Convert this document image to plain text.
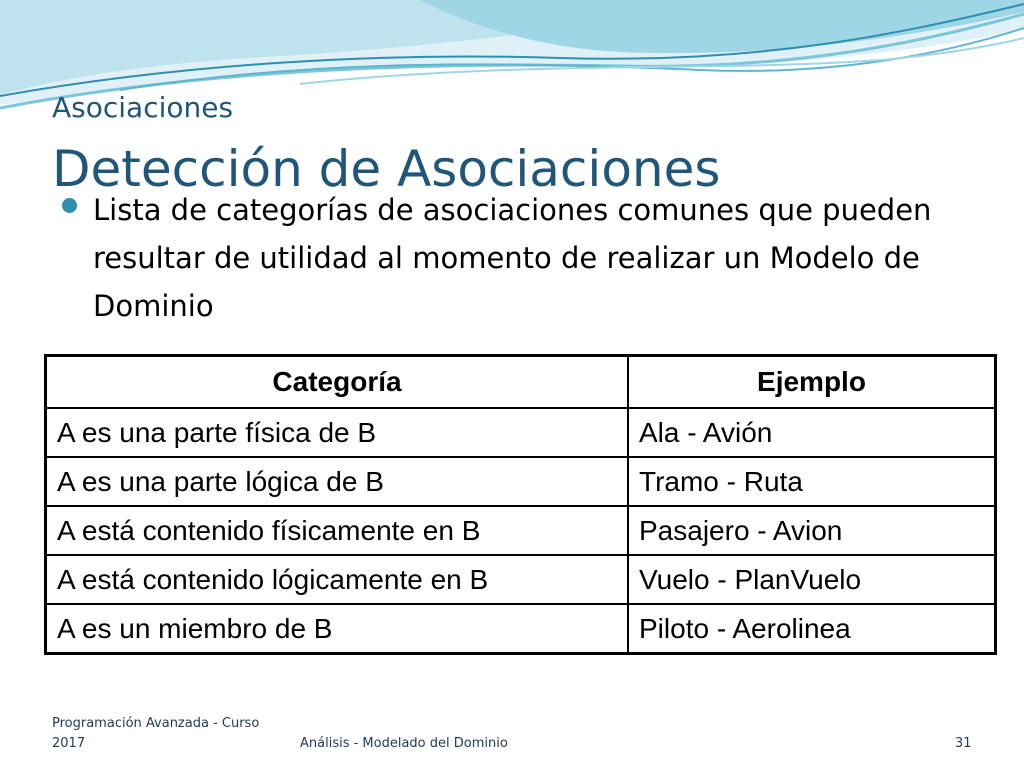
Asociaciones
Detección de Asociaciones
Lista de categorías de asociaciones comunes que pueden resultar de utilidad al momento de realizar un Modelo de Dominio
Categoría	Ejemplo
A es una parte física de B	Ala - Avión
A es una parte lógica de B	Tramo - Ruta
A está contenido físicamente en B	Pasajero - Avion
A está contenido lógicamente en B	Vuelo - PlanVuelo
A es un miembro de B	Piloto - Aerolinea
Programación Avanzada - Curso 2017	Análisis - Modelado del Dominio	31
